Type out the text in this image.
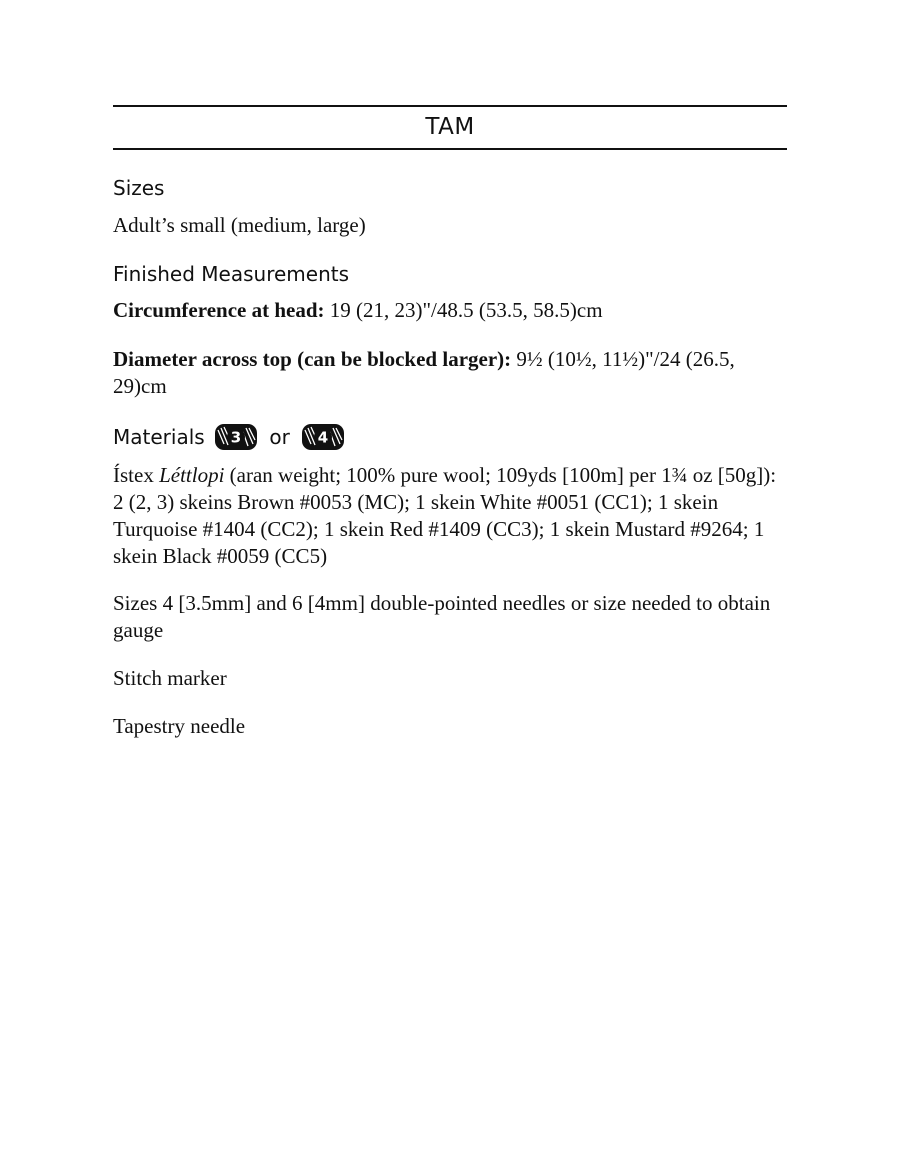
TAM
Sizes
Adult’s small (medium, large)
Finished Measurements
Circumference at head: 19 (21, 23)"/48.5 (53.5, 58.5)cm
Diameter across top (can be blocked larger): 9½ (10½, 11½)"/24 (26.5, 29)cm
Materials 3 or 4
Ístex Léttlopi (aran weight; 100% pure wool; 109yds [100m] per 1¾ oz [50g]): 2 (2, 3) skeins Brown #0053 (MC); 1 skein White #0051 (CC1); 1 skein Turquoise #1404 (CC2); 1 skein Red #1409 (CC3); 1 skein Mustard #9264; 1 skein Black #0059 (CC5)
Sizes 4 [3.5mm] and 6 [4mm] double-pointed needles or size needed to obtain gauge
Stitch marker
Tapestry needle
